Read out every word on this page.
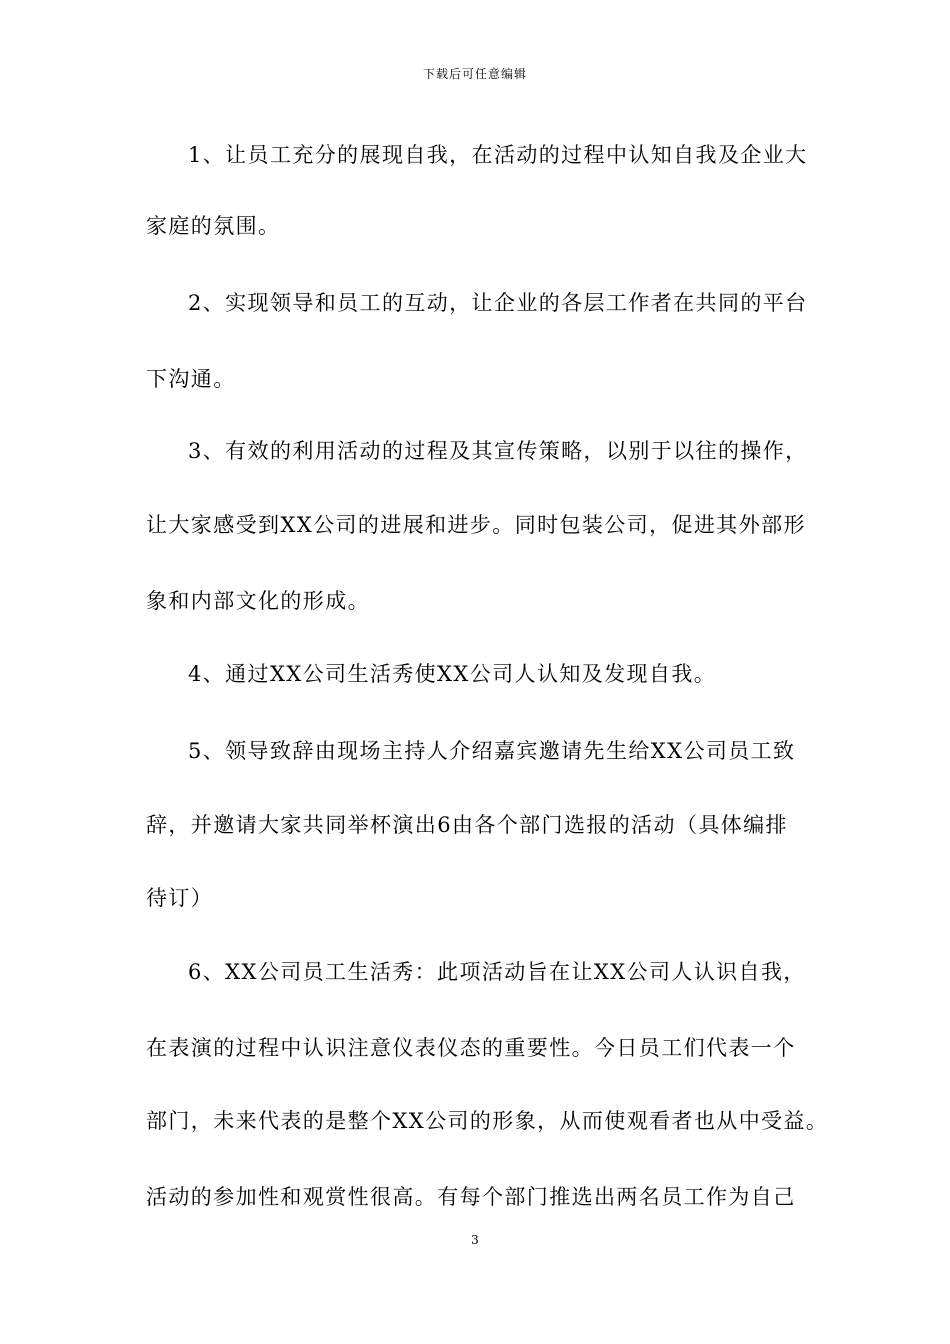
下载后可任意编辑
1、让员工充分的展现自我，在活动的过程中认知自我及企业大
家庭的氛围。
2、实现领导和员工的互动，让企业的各层工作者在共同的平台
下沟通。
3、有效的利用活动的过程及其宣传策略，以别于以往的操作，
让大家感受到XX公司的进展和进步。同时包装公司，促进其外部形
象和内部文化的形成。
4、通过XX公司生活秀使XX公司人认知及发现自我。
5、领导致辞由现场主持人介绍嘉宾邀请先生给XX公司员工致
辞，并邀请大家共同举杯演出6由各个部门选报的活动（具体编排
待订）
6、XX公司员工生活秀：此项活动旨在让XX公司人认识自我，
在表演的过程中认识注意仪表仪态的重要性。今日员工们代表一个
部门，未来代表的是整个XX公司的形象，从而使观看者也从中受益。
活动的参加性和观赏性很高。有每个部门推选出两名员工作为自己
3
